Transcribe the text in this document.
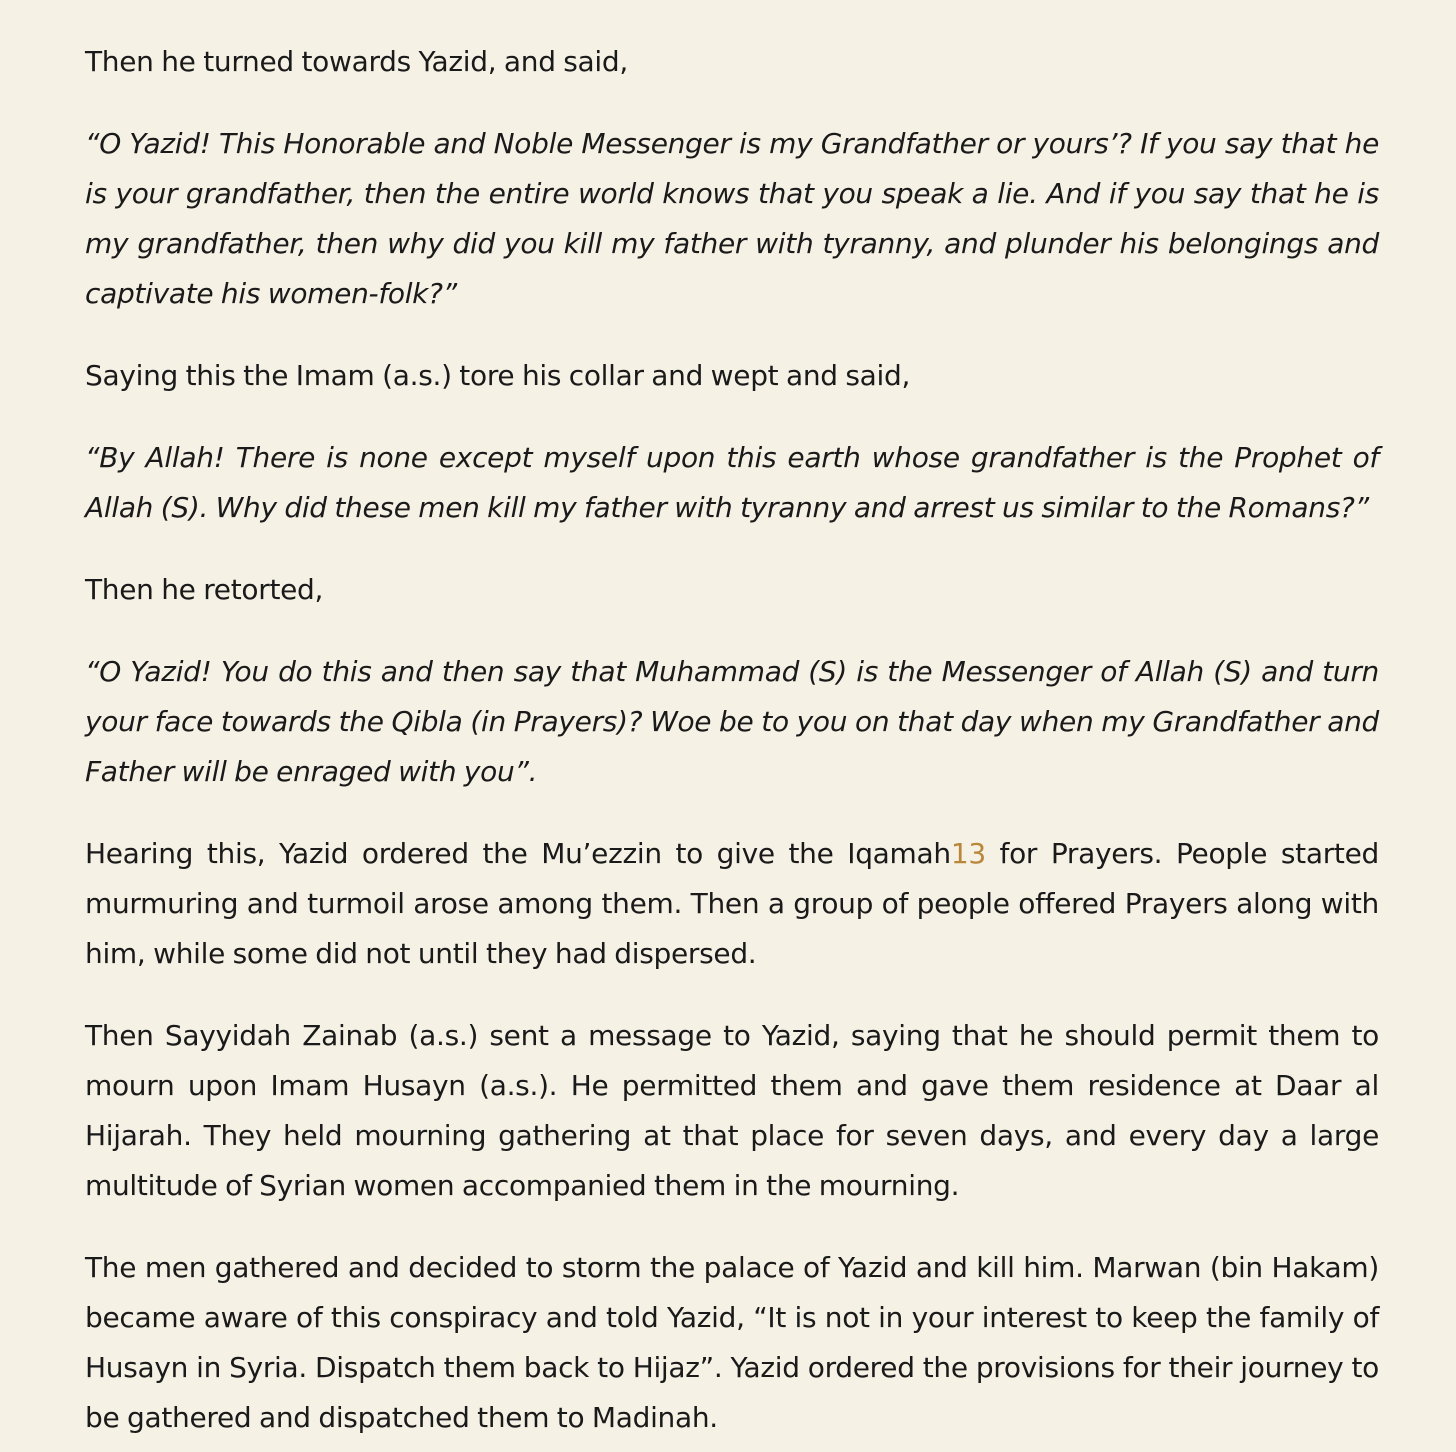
Then he turned towards Yazid, and said,

“O Yazid! This Honorable and Noble Messenger is my Grandfather or yours’? If you say that he is your grandfather, then the entire world knows that you speak a lie. And if you say that he is my grandfather, then why did you kill my father with tyranny, and plunder his belongings and captivate his women-folk?”

Saying this the Imam (a.s.) tore his collar and wept and said,

“By Allah! There is none except myself upon this earth whose grandfather is the Prophet of Allah (S). Why did these men kill my father with tyranny and arrest us similar to the Romans?”

Then he retorted,

“O Yazid! You do this and then say that Muhammad (S) is the Messenger of Allah (S) and turn your face towards the Qibla (in Prayers)? Woe be to you on that day when my Grandfather and Father will be enraged with you”.

Hearing this, Yazid ordered the Mu’ezzin to give the Iqamah13 for Prayers. People started murmuring and turmoil arose among them. Then a group of people offered Prayers along with him, while some did not until they had dispersed.

Then Sayyidah Zainab (a.s.) sent a message to Yazid, saying that he should permit them to mourn upon Imam Husayn (a.s.). He permitted them and gave them residence at Daar al Hijarah. They held mourning gathering at that place for seven days, and every day a large multitude of Syrian women accompanied them in the mourning.

The men gathered and decided to storm the palace of Yazid and kill him. Marwan (bin Hakam) became aware of this conspiracy and told Yazid, “It is not in your interest to keep the family of Husayn in Syria. Dispatch them back to Hijaz”. Yazid ordered the provisions for their journey to be gathered and dispatched them to Madinah.
